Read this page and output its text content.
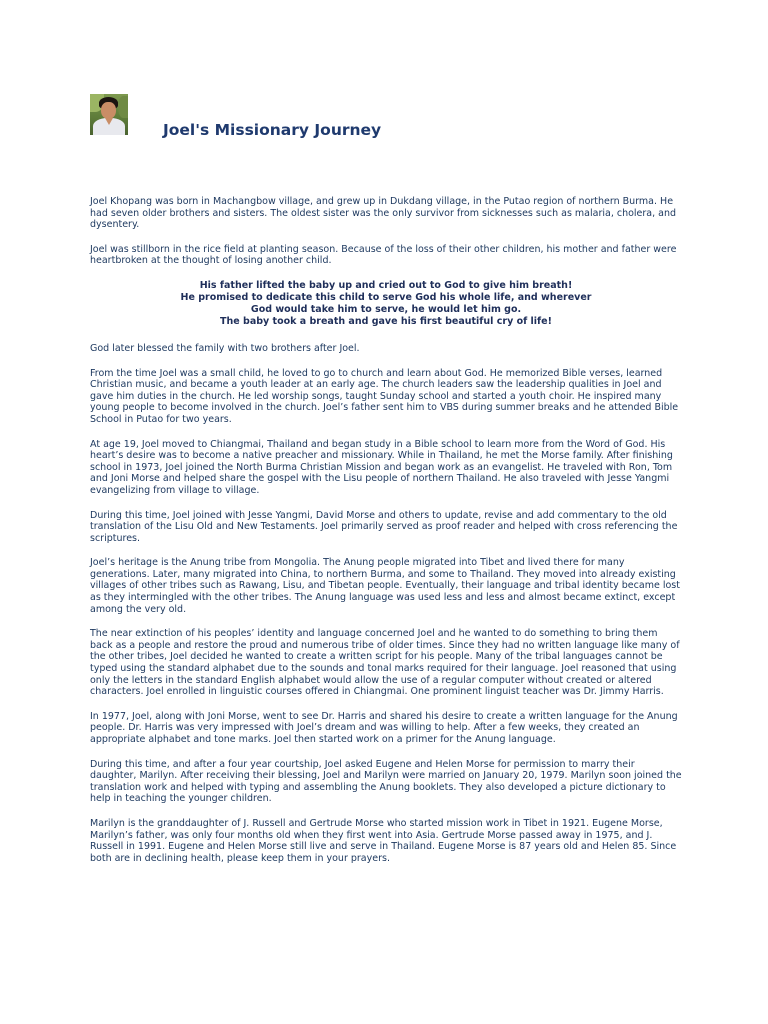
Joel's Missionary Journey

Joel Khopang was born in Machangbow village, and grew up in Dukdang village, in the Putao region of northern Burma. He had seven older brothers and sisters. The oldest sister was the only survivor from sicknesses such as malaria, cholera, and dysentery.

Joel was stillborn in the rice field at planting season. Because of the loss of their other children, his mother and father were heartbroken at the thought of losing another child.

His father lifted the baby up and cried out to God to give him breath!
He promised to dedicate this child to serve God his whole life, and wherever
God would take him to serve, he would let him go.
The baby took a breath and gave his first beautiful cry of life!

God later blessed the family with two brothers after Joel.

From the time Joel was a small child, he loved to go to church and learn about God. He memorized Bible verses, learned Christian music, and became a youth leader at an early age. The church leaders saw the leadership qualities in Joel and gave him duties in the church. He led worship songs, taught Sunday school and started a youth choir. He inspired many young people to become involved in the church. Joel’s father sent him to VBS during summer breaks and he attended Bible School in Putao for two years.

At age 19, Joel moved to Chiangmai, Thailand and began study in a Bible school to learn more from the Word of God. His heart’s desire was to become a native preacher and missionary. While in Thailand, he met the Morse family. After finishing school in 1973, Joel joined the North Burma Christian Mission and began work as an evangelist. He traveled with Ron, Tom and Joni Morse and helped share the gospel with the Lisu people of northern Thailand. He also traveled with Jesse Yangmi evangelizing from village to village.

During this time, Joel joined with Jesse Yangmi, David Morse and others to update, revise and add commentary to the old translation of the Lisu Old and New Testaments. Joel primarily served as proof reader and helped with cross referencing the scriptures.

Joel’s heritage is the Anung tribe from Mongolia. The Anung people migrated into Tibet and lived there for many generations. Later, many migrated into China, to northern Burma, and some to Thailand. They moved into already existing villages of other tribes such as Rawang, Lisu, and Tibetan people. Eventually, their language and tribal identity became lost as they intermingled with the other tribes. The Anung language was used less and less and almost became extinct, except among the very old.

The near extinction of his peoples’ identity and language concerned Joel and he wanted to do something to bring them back as a people and restore the proud and numerous tribe of older times. Since they had no written language like many of the other tribes, Joel decided he wanted to create a written script for his people. Many of the tribal languages cannot be typed using the standard alphabet due to the sounds and tonal marks required for their language. Joel reasoned that using only the letters in the standard English alphabet would allow the use of a regular computer without created or altered characters. Joel enrolled in linguistic courses offered in Chiangmai. One prominent linguist teacher was Dr. Jimmy Harris.

In 1977, Joel, along with Joni Morse, went to see Dr. Harris and shared his desire to create a written language for the Anung people. Dr. Harris was very impressed with Joel’s dream and was willing to help. After a few weeks, they created an appropriate alphabet and tone marks. Joel then started work on a primer for the Anung language.

During this time, and after a four year courtship, Joel asked Eugene and Helen Morse for permission to marry their daughter, Marilyn. After receiving their blessing, Joel and Marilyn were married on January 20, 1979. Marilyn soon joined the translation work and helped with typing and assembling the Anung booklets. They also developed a picture dictionary to help in teaching the younger children.

Marilyn is the granddaughter of J. Russell and Gertrude Morse who started mission work in Tibet in 1921. Eugene Morse, Marilyn’s father, was only four months old when they first went into Asia. Gertrude Morse passed away in 1975, and J. Russell in 1991. Eugene and Helen Morse still live and serve in Thailand. Eugene Morse is 87 years old and Helen 85. Since both are in declining health, please keep them in your prayers.
